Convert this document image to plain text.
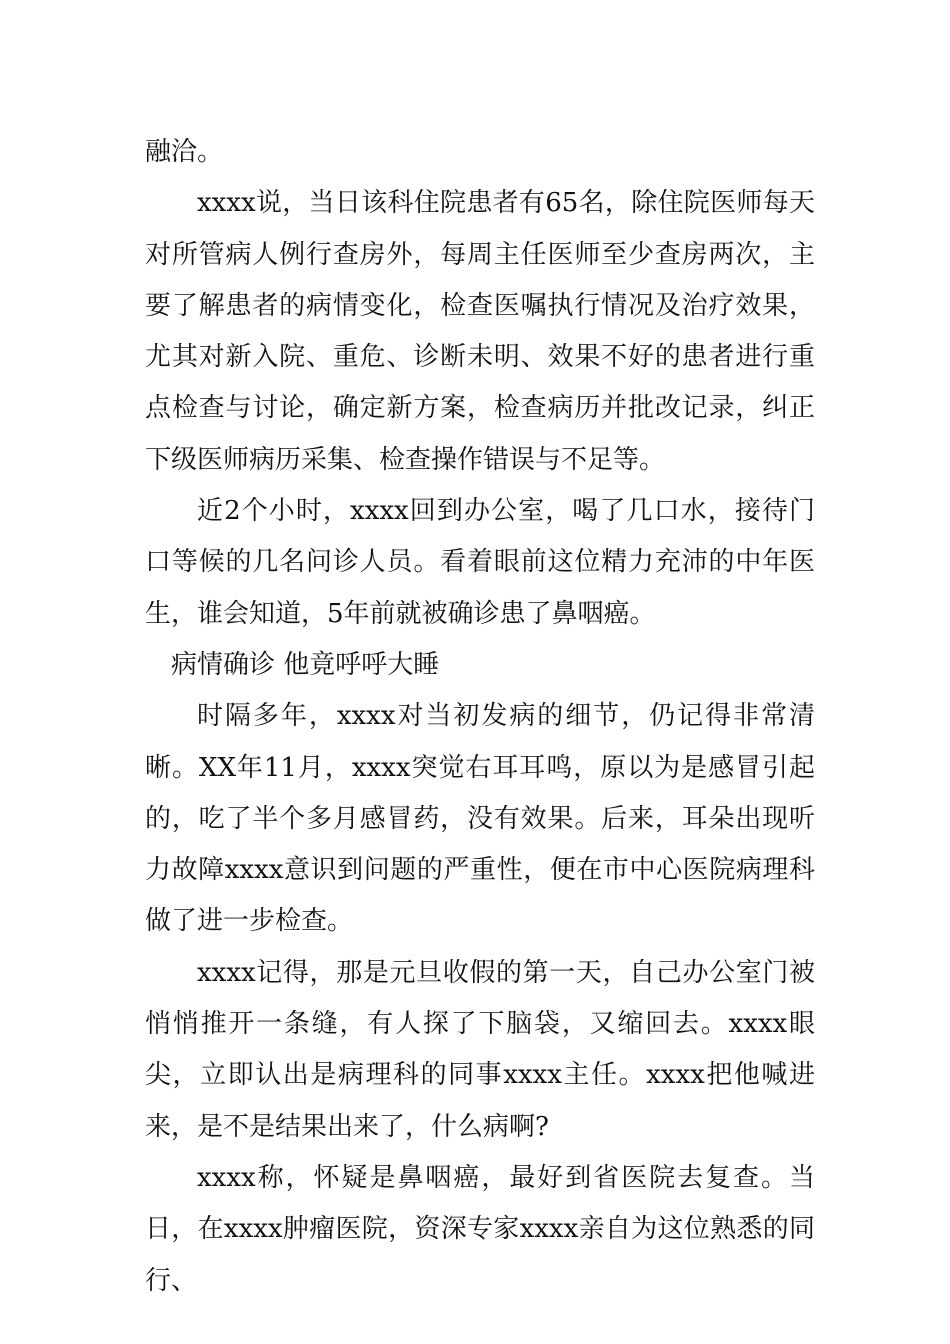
融洽。

xxxx说，当日该科住院患者有65名，除住院医师每天对所管病人例行查房外，每周主任医师至少查房两次，主要了解患者的病情变化，检查医嘱执行情况及治疗效果，尤其对新入院、重危、诊断未明、效果不好的患者进行重点检查与讨论，确定新方案，检查病历并批改记录，纠正下级医师病历采集、检查操作错误与不足等。

近2个小时，xxxx回到办公室，喝了几口水，接待门口等候的几名问诊人员。看着眼前这位精力充沛的中年医生，谁会知道，5年前就被确诊患了鼻咽癌。

病情确诊 他竟呼呼大睡

时隔多年，xxxx对当初发病的细节，仍记得非常清晰。XX年11月，xxxx突觉右耳耳鸣，原以为是感冒引起的，吃了半个多月感冒药，没有效果。后来，耳朵出现听力故障xxxx意识到问题的严重性，便在市中心医院病理科做了进一步检查。

xxxx记得，那是元旦收假的第一天，自己办公室门被悄悄推开一条缝，有人探了下脑袋，又缩回去。xxxx眼尖，立即认出是病理科的同事xxxx主任。xxxx把他喊进来，是不是结果出来了，什么病啊?

xxxx称，怀疑是鼻咽癌，最好到省医院去复查。当日，在xxxx肿瘤医院，资深专家xxxx亲自为这位熟悉的同行、
